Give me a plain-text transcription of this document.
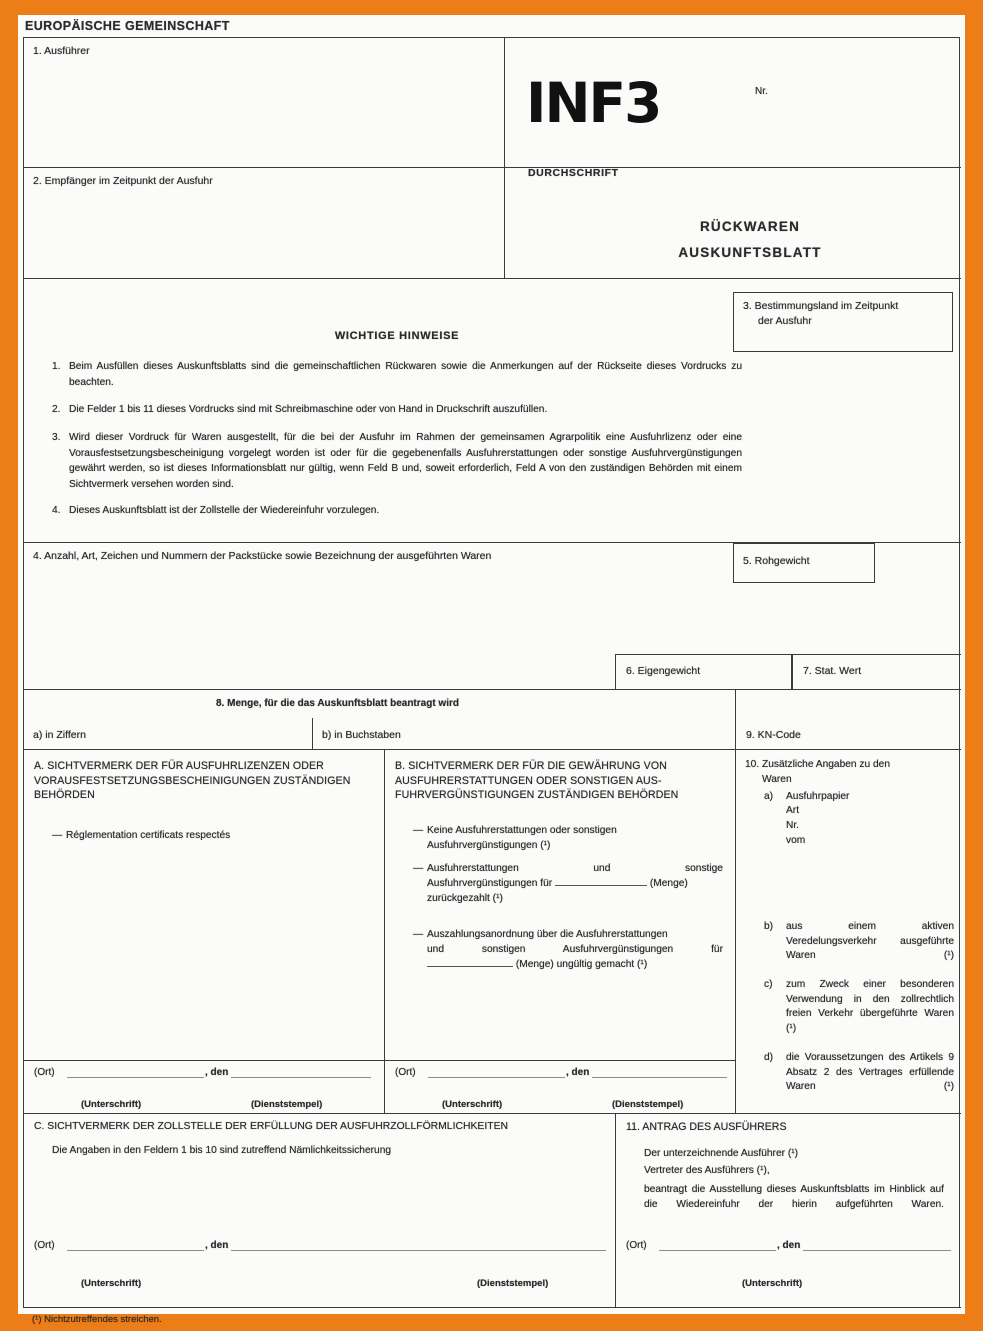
EUROPÄISCHE GEMEINSCHAFT
1. Ausführer
2. Empfänger im Zeitpunkt der Ausfuhr
INF3
DURCHSCHRIFT
Nr.
RÜCKWAREN
AUSKUNFTSBLATT
3. Bestimmungsland im Zeitpunkt
der Ausfuhr
WICHTIGE HINWEISE
1. Beim Ausfüllen dieses Auskunftsblatts sind die gemeinschaftlichen Rückwaren sowie die Anmerkungen auf der Rückseite dieses Vordrucks zu beachten.
2. Die Felder 1 bis 11 dieses Vordrucks sind mit Schreibmaschine oder von Hand in Druckschrift auszufüllen.
3. Wird dieser Vordruck für Waren ausgestellt, für die bei der Ausfuhr im Rahmen der gemeinsamen Agrarpolitik eine Ausfuhrlizenz oder eine Vorausfestsetzungsbescheinigung vorgelegt worden ist oder für die gegebenenfalls Ausfuhrerstattungen oder sonstige Ausfuhrvergünstigungen gewährt werden, so ist dieses Informationsblatt nur gültig, wenn Feld B und, soweit erforderlich, Feld A von den zuständigen Behörden mit einem Sichtvermerk versehen worden sind.
4. Dieses Auskunftsblatt ist der Zollstelle der Wiedereinfuhr vorzulegen.
4. Anzahl, Art, Zeichen und Nummern der Packstücke sowie Bezeichnung der ausgeführten Waren	5. Rohgewicht
6. Eigengewicht	7. Stat. Wert
8. Menge, für die das Auskunftsblatt beantragt wird
a) in Ziffern	b) in Buchstaben	9. KN-Code
A. SICHTVERMERK DER FÜR AUSFUHRLIZENZEN ODER VORAUSFESTSETZUNGSBESCHEINIGUNGEN ZUSTÄNDIGEN BEHÖRDEN
— Réglementation certificats respectés
B. SICHTVERMERK DER FÜR DIE GEWÄHRUNG VON AUSFUHRERSTATTUNGEN ODER SONSTIGEN AUS-FUHRVERGÜNSTIGUNGEN ZUSTÄNDIGEN BEHÖRDEN
— Keine Ausfuhrerstattungen oder sonstigen Ausfuhrvergünstigungen (¹)
— Ausfuhrerstattungen	und	sonstige
Ausfuhrvergünstigungen für	(Menge)
zurückgezahlt (¹)
— Auszahlungsanordnung über die Ausfuhrerstattungen
und	sonstigen	Ausfuhrvergünstigungen	für
(Menge) ungültig gemacht (¹)
10. Zusätzliche Angaben zu den
Waren
a) Ausfuhrpapier
Art
Nr.
vom
b) aus einem aktiven Veredelungsverkehr ausgeführte Waren (¹)
c) zum Zweck einer besonderen Verwendung in den zollrechtlich freien Verkehr übergeführte Waren (¹)
d) die Voraussetzungen des Artikels 9 Absatz 2 des Vertrages erfüllende Waren (¹)
(Ort)	, den
(Unterschrift)	(Dienststempel)
(Ort)	, den
(Unterschrift)	(Dienststempel)
C. SICHTVERMERK DER ZOLLSTELLE DER ERFÜLLUNG DER AUSFUHRZOLLFÖRMLICHKEITEN
Die Angaben in den Feldern 1 bis 10 sind zutreffend Nämlichkeitssicherung
11. ANTRAG DES AUSFÜHRERS
Der unterzeichnende Ausführer (¹)
Vertreter des Ausführers (¹),
beantragt die Ausstellung dieses Auskunftsblatts im Hinblick auf die Wiedereinfuhr der hierin aufgeführten Waren.
(Ort)	, den
(Unterschrift)	(Dienststempel)
(Ort)	, den
(Unterschrift)
(¹) Nichtzutreffendes streichen.
